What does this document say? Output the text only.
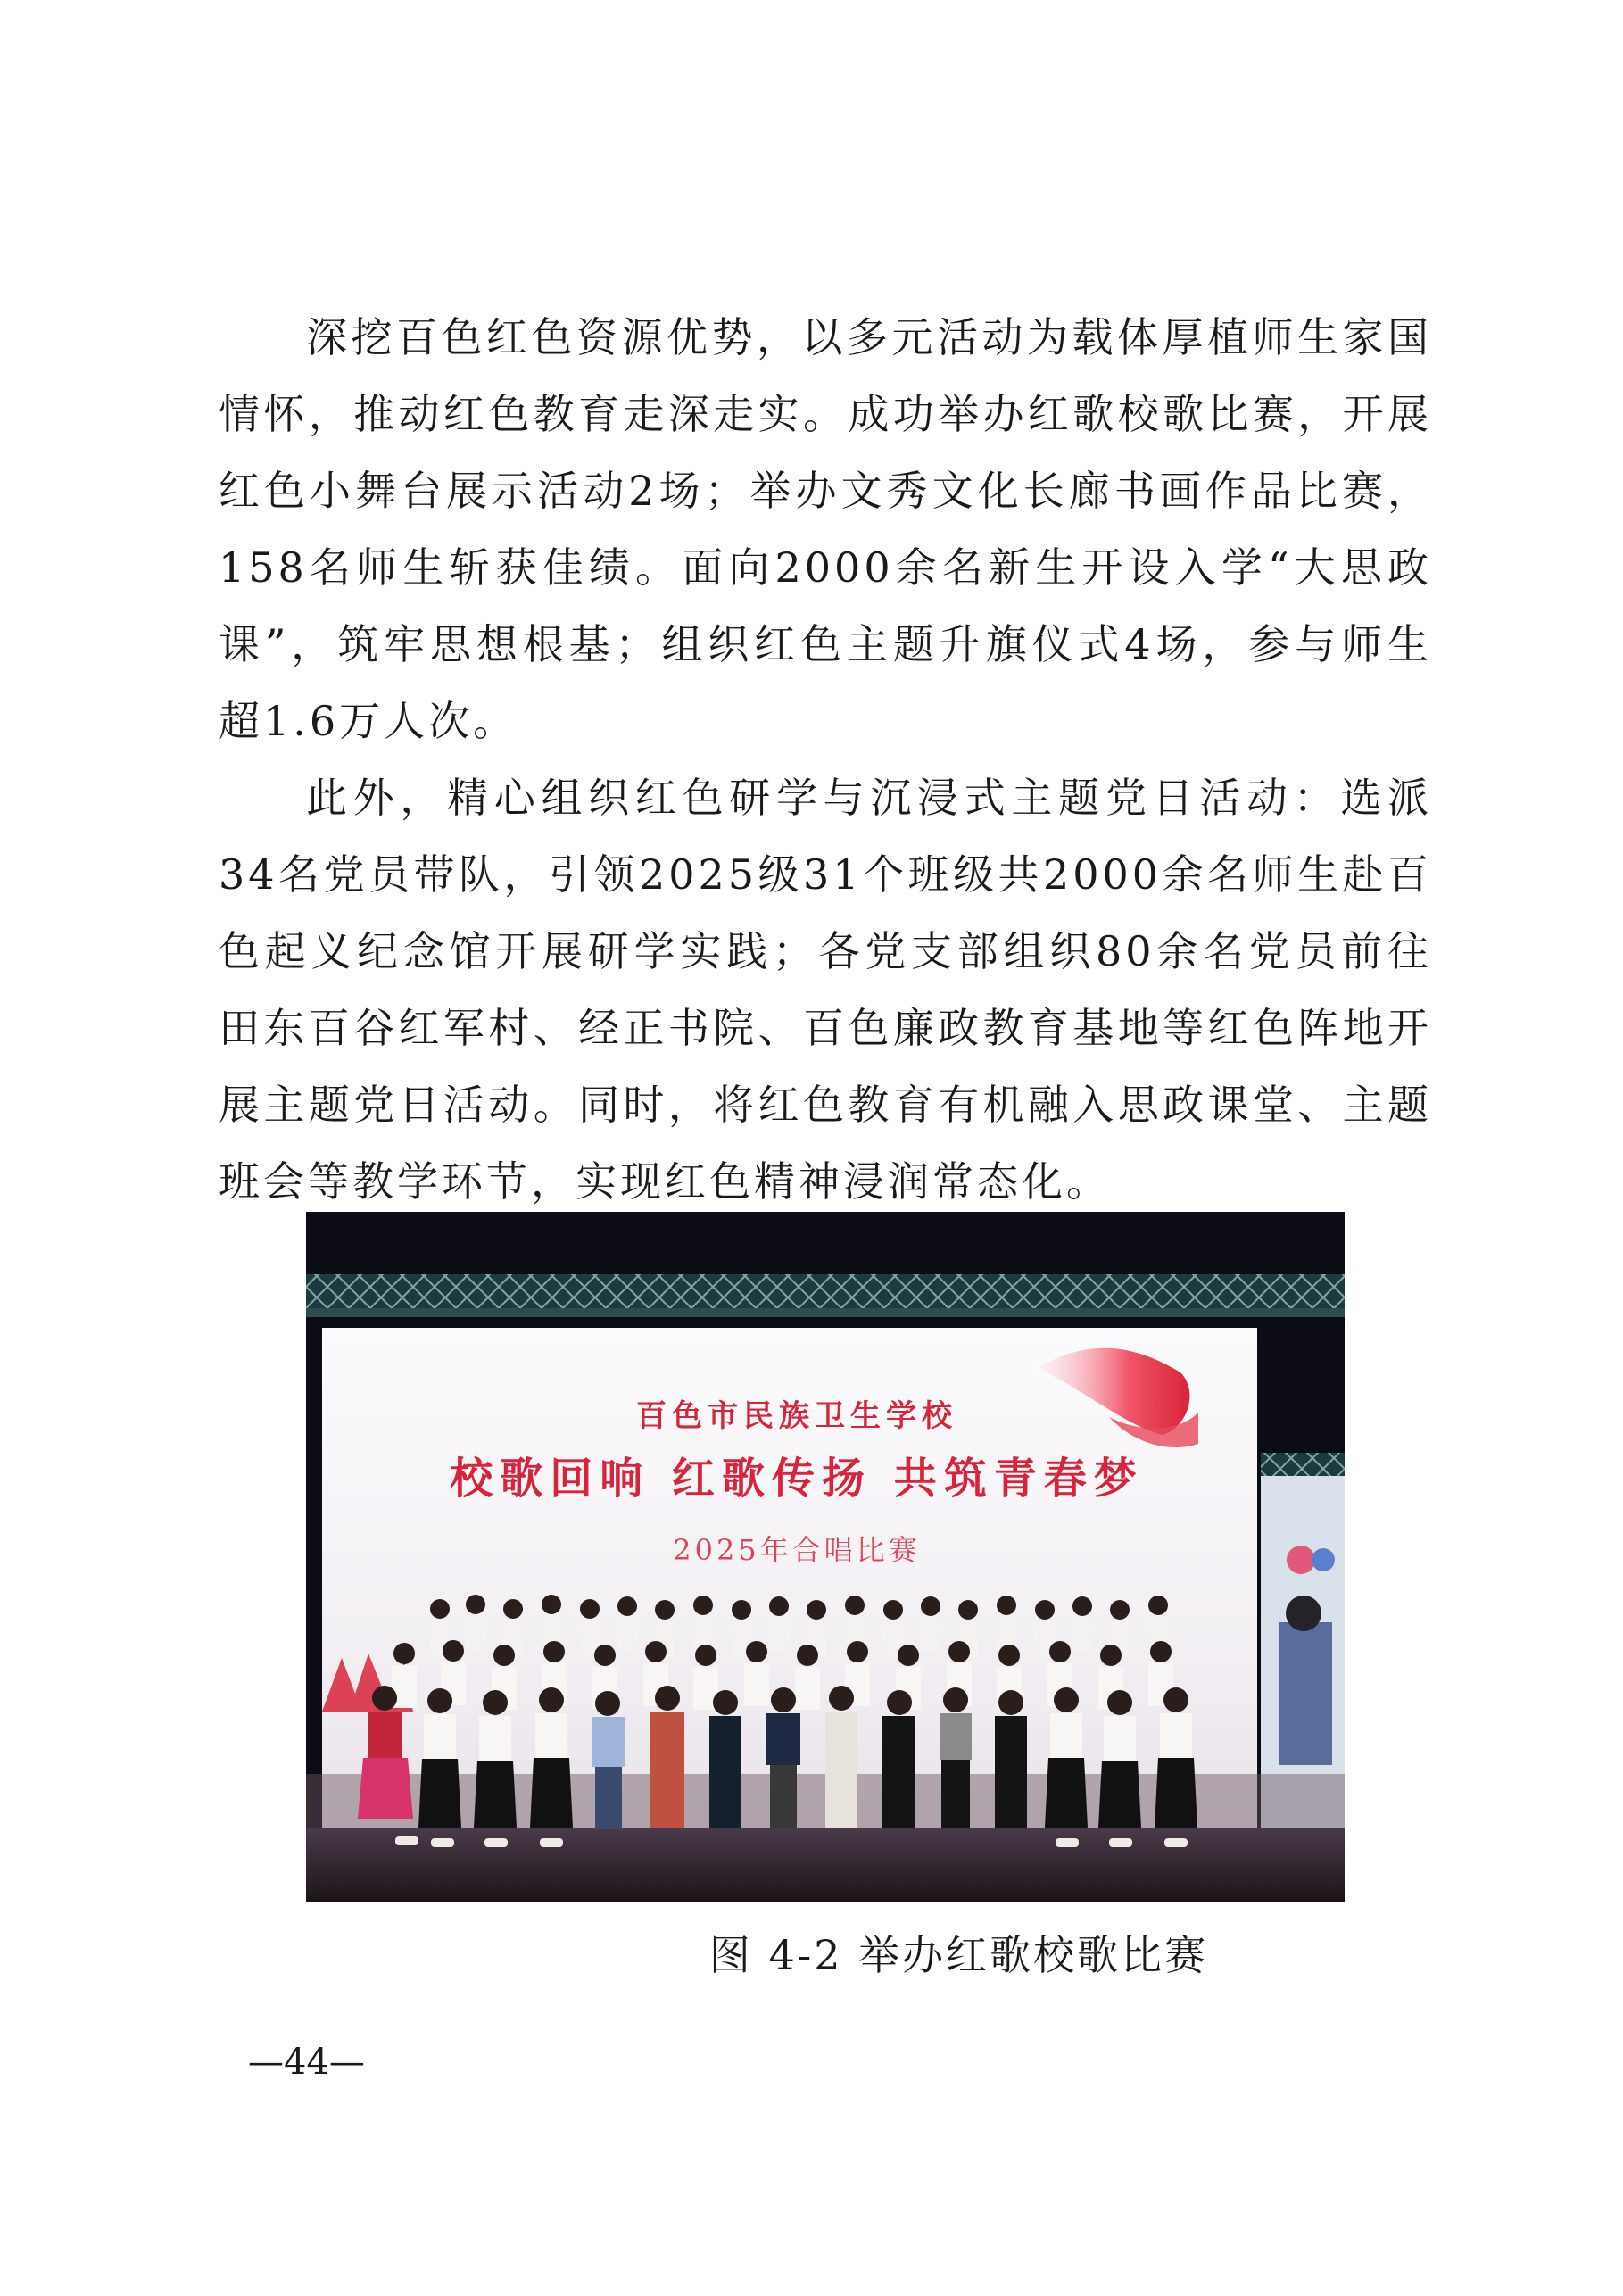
深挖百色红色资源优势，以多元活动为载体厚植师生家国情怀，推动红色教育走深走实。成功举办红歌校歌比赛，开展红色小舞台展示活动2场；举办文秀文化长廊书画作品比赛，158名师生斩获佳绩。面向2000余名新生开设入学“大思政课”，筑牢思想根基；组织红色主题升旗仪式4场，参与师生超1.6万人次。

此外，精心组织红色研学与沉浸式主题党日活动：选派34名党员带队，引领2025级31个班级共2000余名师生赴百色起义纪念馆开展研学实践；各党支部组织80余名党员前往田东百谷红军村、经正书院、百色廉政教育基地等红色阵地开展主题党日活动。同时，将红色教育有机融入思政课堂、主题班会等教学环节，实现红色精神浸润常态化。

百色市民族卫生学校
校歌回响 红歌传扬 共筑青春梦
2025年合唱比赛

图 4-2 举办红歌校歌比赛

—44—
